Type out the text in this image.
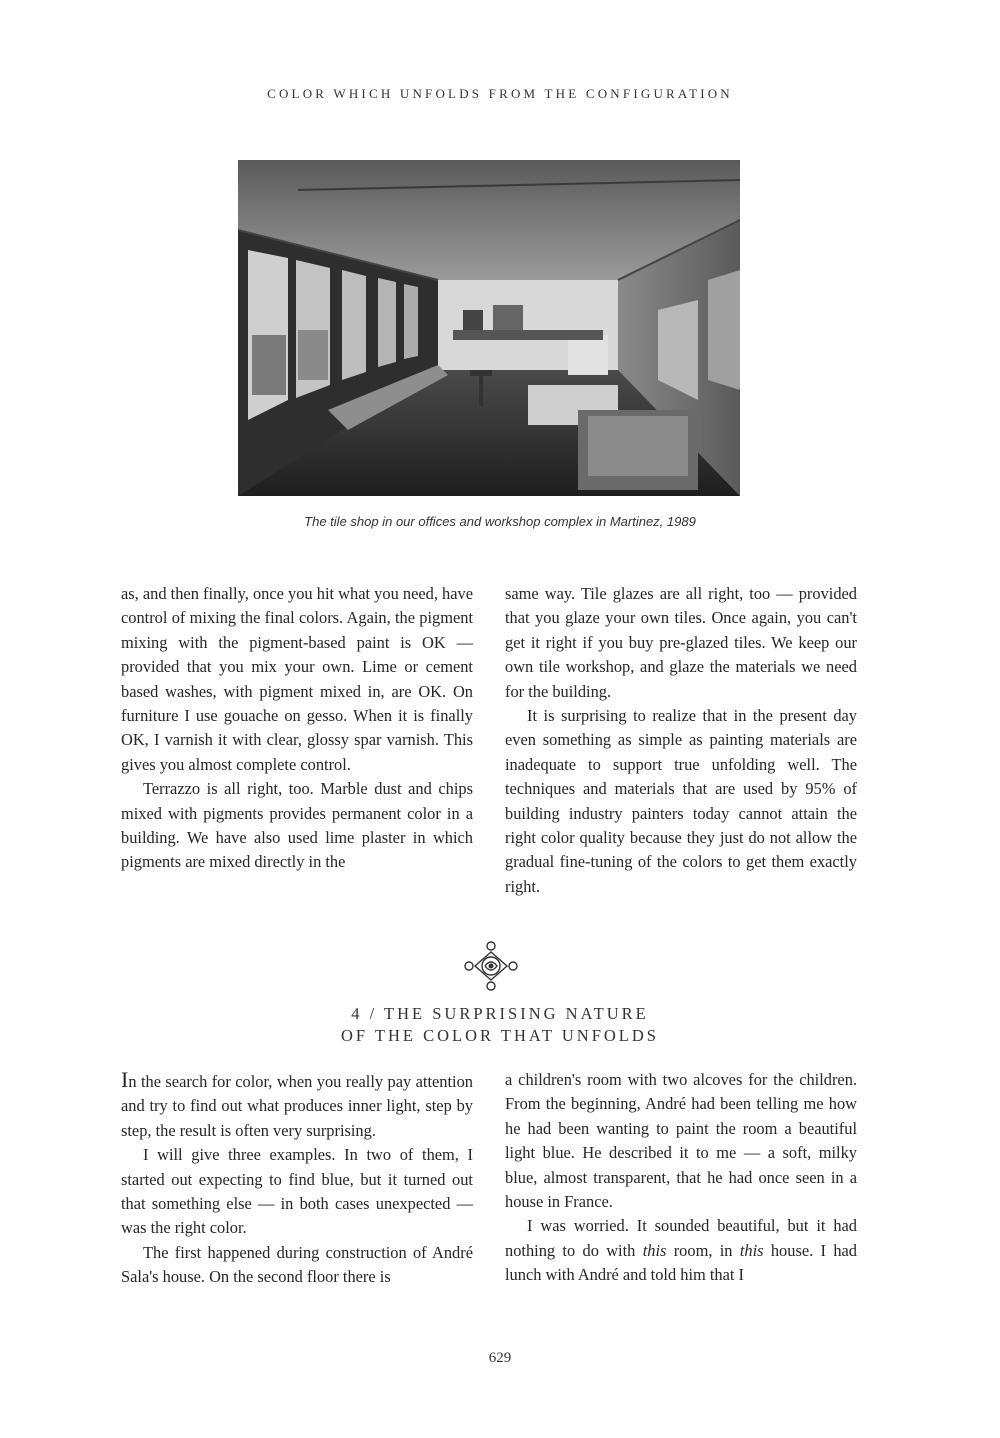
COLOR WHICH UNFOLDS FROM THE CONFIGURATION
The tile shop in our offices and workshop complex in Martinez, 1989

as, and then finally, once you hit what you need, have control of mixing the final colors. Again, the pigment mixing with the pigment-based paint is OK — provided that you mix your own. Lime or cement based washes, with pigment mixed in, are OK. On furniture I use gouache on gesso. When it is finally OK, I varnish it with clear, glossy spar varnish. This gives you almost complete control.

Terrazzo is all right, too. Marble dust and chips mixed with pigments provides permanent color in a building. We have also used lime plaster in which pigments are mixed directly in the

same way. Tile glazes are all right, too — provided that you glaze your own tiles. Once again, you can't get it right if you buy pre-glazed tiles. We keep our own tile workshop, and glaze the materials we need for the building.

It is surprising to realize that in the present day even something as simple as painting materials are inadequate to support true unfolding well. The techniques and materials that are used by 95% of building industry painters today cannot attain the right color quality because they just do not allow the gradual fine-tuning of the colors to get them exactly right.

4 / THE SURPRISING NATURE
OF THE COLOR THAT UNFOLDS

In the search for color, when you really pay attention and try to find out what produces inner light, step by step, the result is often very surprising.

I will give three examples. In two of them, I started out expecting to find blue, but it turned out that something else — in both cases unexpected — was the right color.

The first happened during construction of André Sala's house. On the second floor there is

a children's room with two alcoves for the children. From the beginning, André had been telling me how he had been wanting to paint the room a beautiful light blue. He described it to me — a soft, milky blue, almost transparent, that he had once seen in a house in France.

I was worried. It sounded beautiful, but it had nothing to do with this room, in this house. I had lunch with André and told him that I

629
